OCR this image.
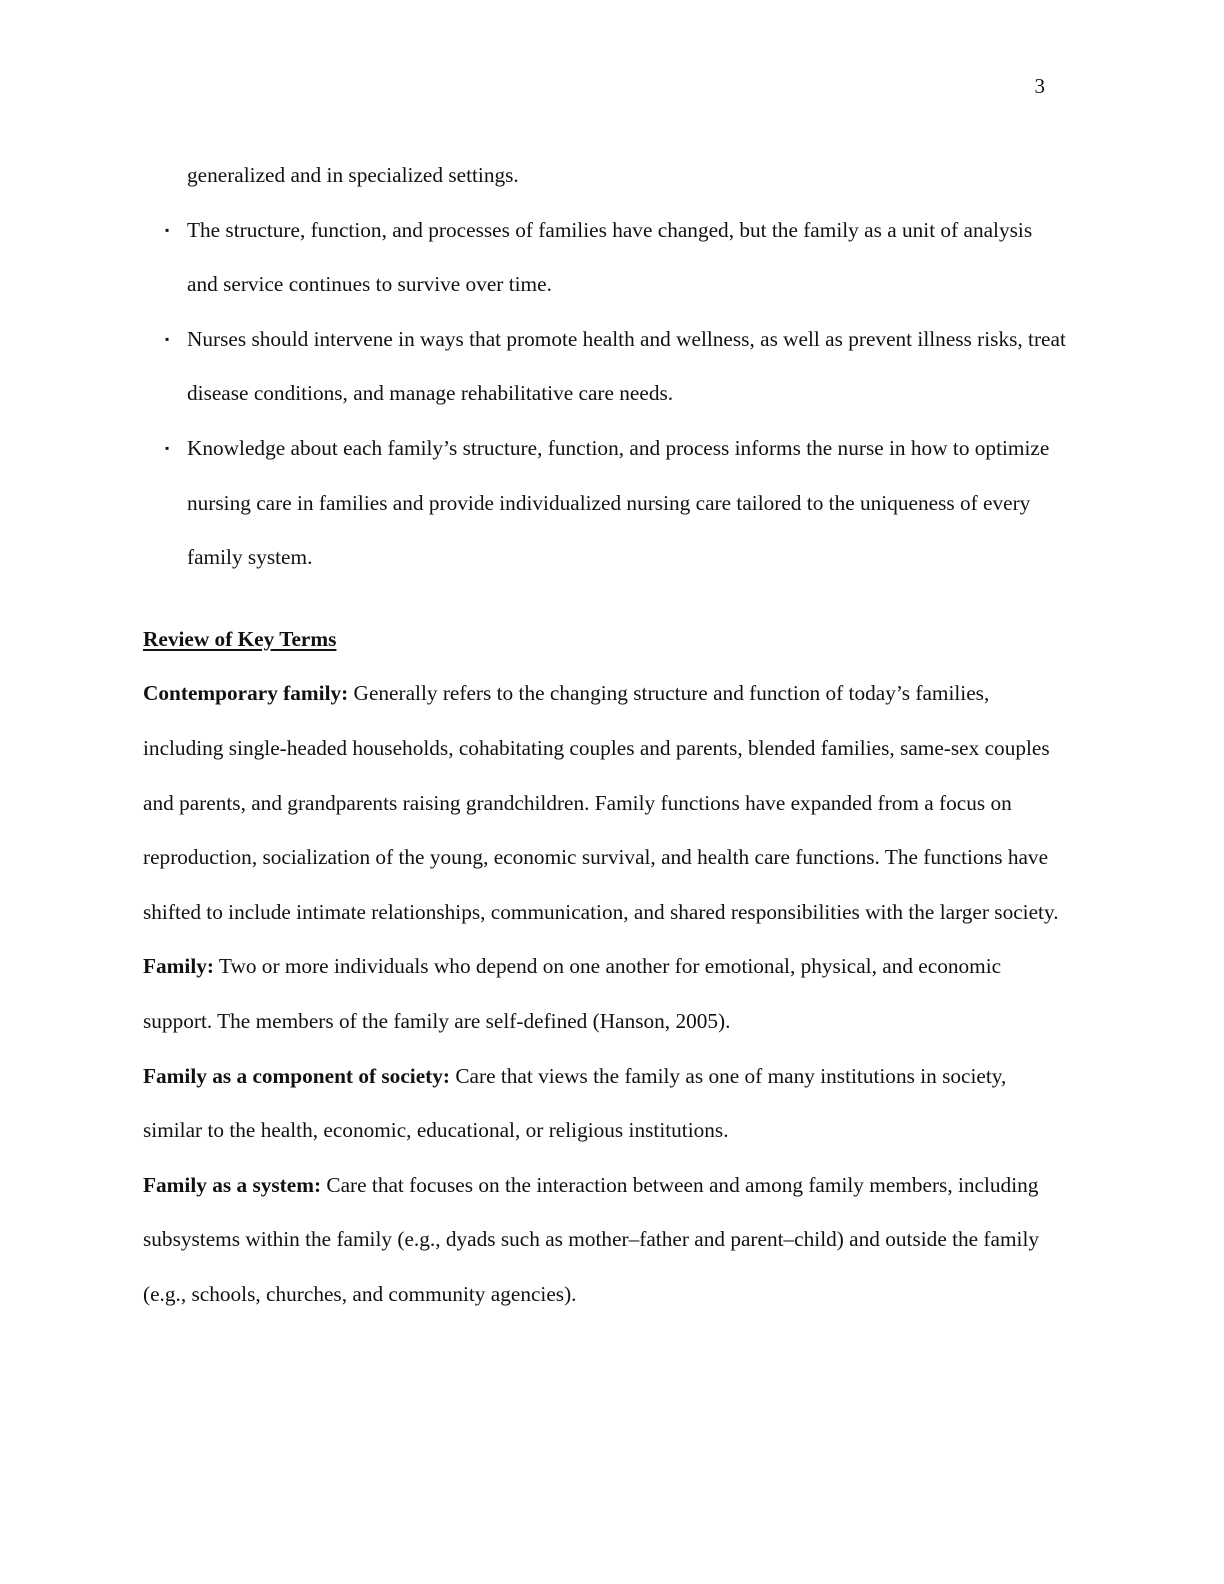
3

generalized and in specialized settings.

▪ The structure, function, and processes of families have changed, but the family as a unit of analysis and service continues to survive over time.
▪ Nurses should intervene in ways that promote health and wellness, as well as prevent illness risks, treat disease conditions, and manage rehabilitative care needs.
▪ Knowledge about each family’s structure, function, and process informs the nurse in how to optimize nursing care in families and provide individualized nursing care tailored to the uniqueness of every family system.
Review of Key Terms

Contemporary family: Generally refers to the changing structure and function of today’s families, including single-headed households, cohabitating couples and parents, blended families, same-sex couples and parents, and grandparents raising grandchildren. Family functions have expanded from a focus on reproduction, socialization of the young, economic survival, and health care functions. The functions have shifted to include intimate relationships, communication, and shared responsibilities with the larger society.

Family: Two or more individuals who depend on one another for emotional, physical, and economic support. The members of the family are self-defined (Hanson, 2005).

Family as a component of society: Care that views the family as one of many institutions in society, similar to the health, economic, educational, or religious institutions.

Family as a system: Care that focuses on the interaction between and among family members, including subsystems within the family (e.g., dyads such as mother–father and parent–child) and outside the family (e.g., schools, churches, and community agencies).
